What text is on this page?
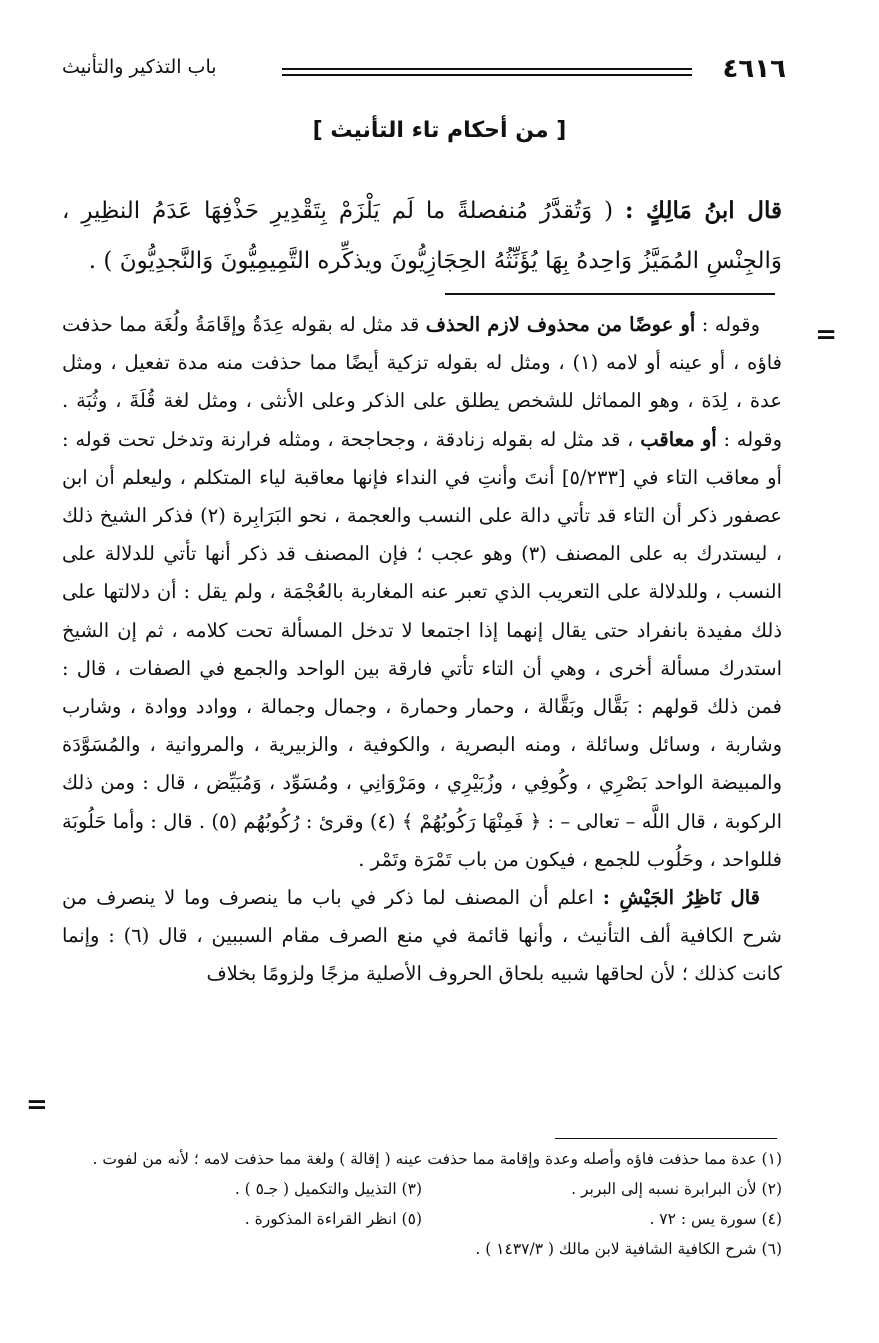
٤٦١٦
باب التذكير والتأنيث
[ من أحكام تاء التأنيث ]
قال ابنُ مَالِكٍ : ( وَتُقدَّرُ مُنفصلةً ما لَم يَلْزَمْ بِتَقْدِيرِ حَذْفِهَا عَدَمُ النظِيرِ ، وَالجِنْسِ المُمَيَّزُ وَاحِدهُ بِهَا يُؤَنِّثُهُ الحِجَازِيُّونَ ويذكِّره التَّمِيمِيُّونَ وَالنَّجدِيُّونَ ) .
=

وقوله : أو عوضًا من محذوف لازم الحذف قد مثل له بقوله عِدَةُ وإقَامَةُ ولُغَة مما حذفت فاؤه ، أو عينه أو لامه (١) ، ومثل له بقوله تزكية أيضًا مما حذفت منه مدة تفعيل ، ومثل عدة ، لِدَة ، وهو المماثل للشخص يطلق على الذكر وعلى الأنثى ، ومثل لغة قُلَةَ ، وثُبَة . وقوله : أو معاقب ، قد مثل له بقوله زنادقة ، وجحاجحة ، ومثله فرارنة وتدخل تحت قوله : أو معاقب التاء في [٥/٢٣٣] أنتَ وأنتِ في النداء فإنها معاقبة لياء المتكلم ، وليعلم أن ابن عصفور ذكر أن التاء قد تأتي دالة على النسب والعجمة ، نحو البَرَابِرة (٢) فذكر الشيخ ذلك ، ليستدرك به على المصنف (٣) وهو عجب ؛ فإن المصنف قد ذكر أنها تأتي للدلالة على النسب ، وللدلالة على التعريب الذي تعبر عنه المغاربة بالعُجْمَة ، ولم يقل : أن دلالتها على ذلك مفيدة بانفراد حتى يقال إنهما إذا اجتمعا لا تدخل المسألة تحت كلامه ، ثم إن الشيخ استدرك مسألة أخرى ، وهي أن التاء تأتي فارقة بين الواحد والجمع في الصفات ، قال : فمن ذلك قولهم : بَقَّال وبَقَّالة ، وحمار وحمارة ، وجمال وجمالة ، ووادد ووادة ، وشارب وشاربة ، وسائل وسائلة ، ومنه البصرية ، والكوفية ، والزبيرية ، والمروانية ، والمُسَوَّدَة والمبيضة الواحد بَصْرِي ، وكُوفِي ، وزُبَيْرِي ، ومَرْوَانِي ، ومُسَوِّد ، وَمُبَيِّض ، قال : ومن ذلك الركوبة ، قال اللَّه – تعالى – : ﴿ فَمِنْهَا رَكُوبُهُمْ ﴾ (٤) وقرئ : رُكُوبُهُم (٥) . قال : وأما حَلُوبَة فللواحد ، وحَلُوب للجمع ، فيكون من باب تَمْرَة وتَمْر .

قال نَاظِرُ الجَيْشِ : اعلم أن المصنف لما ذكر في باب ما ينصرف وما لا ينصرف من شرح الكافية ألف التأنيث ، وأنها قائمة في منع الصرف مقام السببين ، قال (٦) : وإنما كانت كذلك ؛ لأن لحاقها شبيه بلحاق الحروف الأصلية مزجًا ولزومًا بخلاف

=
(١) عدة مما حذفت فاؤه وأصله وعدة وإقامة مما حذفت عينه ( إقالة ) ولغة مما حذفت لامه ؛ لأنه من لفوت .
(٢) لأن البرابرة نسبه إلى البربر .
(٣) التذييل والتكميل ( جـ٥ ) .
(٤) سورة يس : ٧٢ .
(٥) انظر القراءة المذكورة .
(٦) شرح الكافية الشافية لابن مالك ( ١٤٣٧/٣ ) .
